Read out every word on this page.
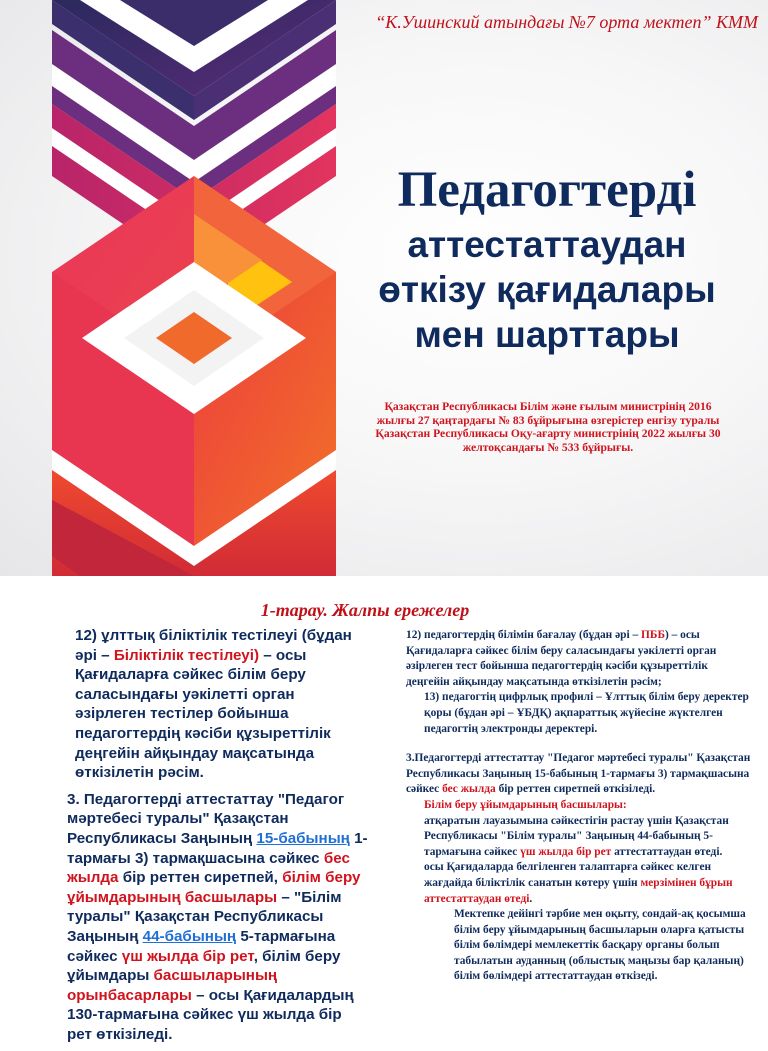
“К.Ушинский атындағы №7 орта мектеп” КММ
Педагогтерді
аттестаттаудан
өткізу қағидалары
мен шарттары
Қазақстан Республикасы Білім және ғылым министрінің 2016
жылғы 27 қаңтардағы № 83 бұйрығына өзгерістер енгізу туралы
Қазақстан Республикасы Оқу-ағарту министрінің 2022 жылғы 30
желтоқсандағы № 533 бұйрығы.
1-тарау. Жалпы ережелер

12) ұлттық біліктілік тестілеуі (бұдан әрі – Біліктілік тестілеуі) – осы Қағидаларға сәйкес білім беру саласындағы уәкілетті орган әзірлеген тестілер бойынша педагогтердің кәсіби құзыреттілік деңгейін айқындау мақсатында өткізілетін рәсім.

3. Педагогтерді аттестаттау "Педагог мәртебесі туралы" Қазақстан Республикасы Заңының 15-бабының 1-тармағы 3) тармақшасына сәйкес бес жылда бір реттен сиретпей, білім беру ұйымдарының басшылары – "Білім туралы" Қазақстан Республикасы Заңының 44-бабының 5-тармағына сәйкес үш жылда бір рет, білім беру ұйымдары басшыларының орынбасарлары – осы Қағидалардың 130-тармағына сәйкес үш жылда бір рет өткізіледі.

12) педагогтердің білімін бағалау (бұдан әрі – ПББ) – осы Қағидаларға сәйкес білім беру саласындағы уәкілетті орган әзірлеген тест бойынша педагогтердің кәсіби құзыреттілік деңгейін айқындау мақсатында өткізілетін рәсім;

13) педагогтің цифрлық профилі – Ұлттық білім беру деректер қоры (бұдан әрі – ҰБДҚ) ақпараттық жүйесіне жүктелген педагогтің электронды деректері.

3.Педагогтерді аттестаттау "Педагог мәртебесі туралы" Қазақстан Республикасы Заңының 15-бабының 1-тармағы 3) тармақшасына сәйкес бес жылда бір реттен сиретпей өткізіледі.

Білім беру ұйымдарының басшылары:

атқаратын лауазымына сәйкестігін растау үшін Қазақстан Республикасы "Білім туралы" Заңының 44-бабының 5-тармағына сәйкес үш жылда бір рет аттестаттаудан өтеді.

осы Қағидаларда белгіленген талаптарға сәйкес келген жағдайда біліктілік санатын көтеру үшін мерзімінен бұрын аттестаттаудан өтеді.

Мектепке дейінгі тәрбие мен оқыту, сондай-ақ қосымша білім беру ұйымдарының басшыларын оларға қатысты білім бөлімдері мемлекеттік басқару органы болып табылатын ауданның (облыстық маңызы бар қаланың) білім бөлімдері аттестаттаудан өткізеді.
